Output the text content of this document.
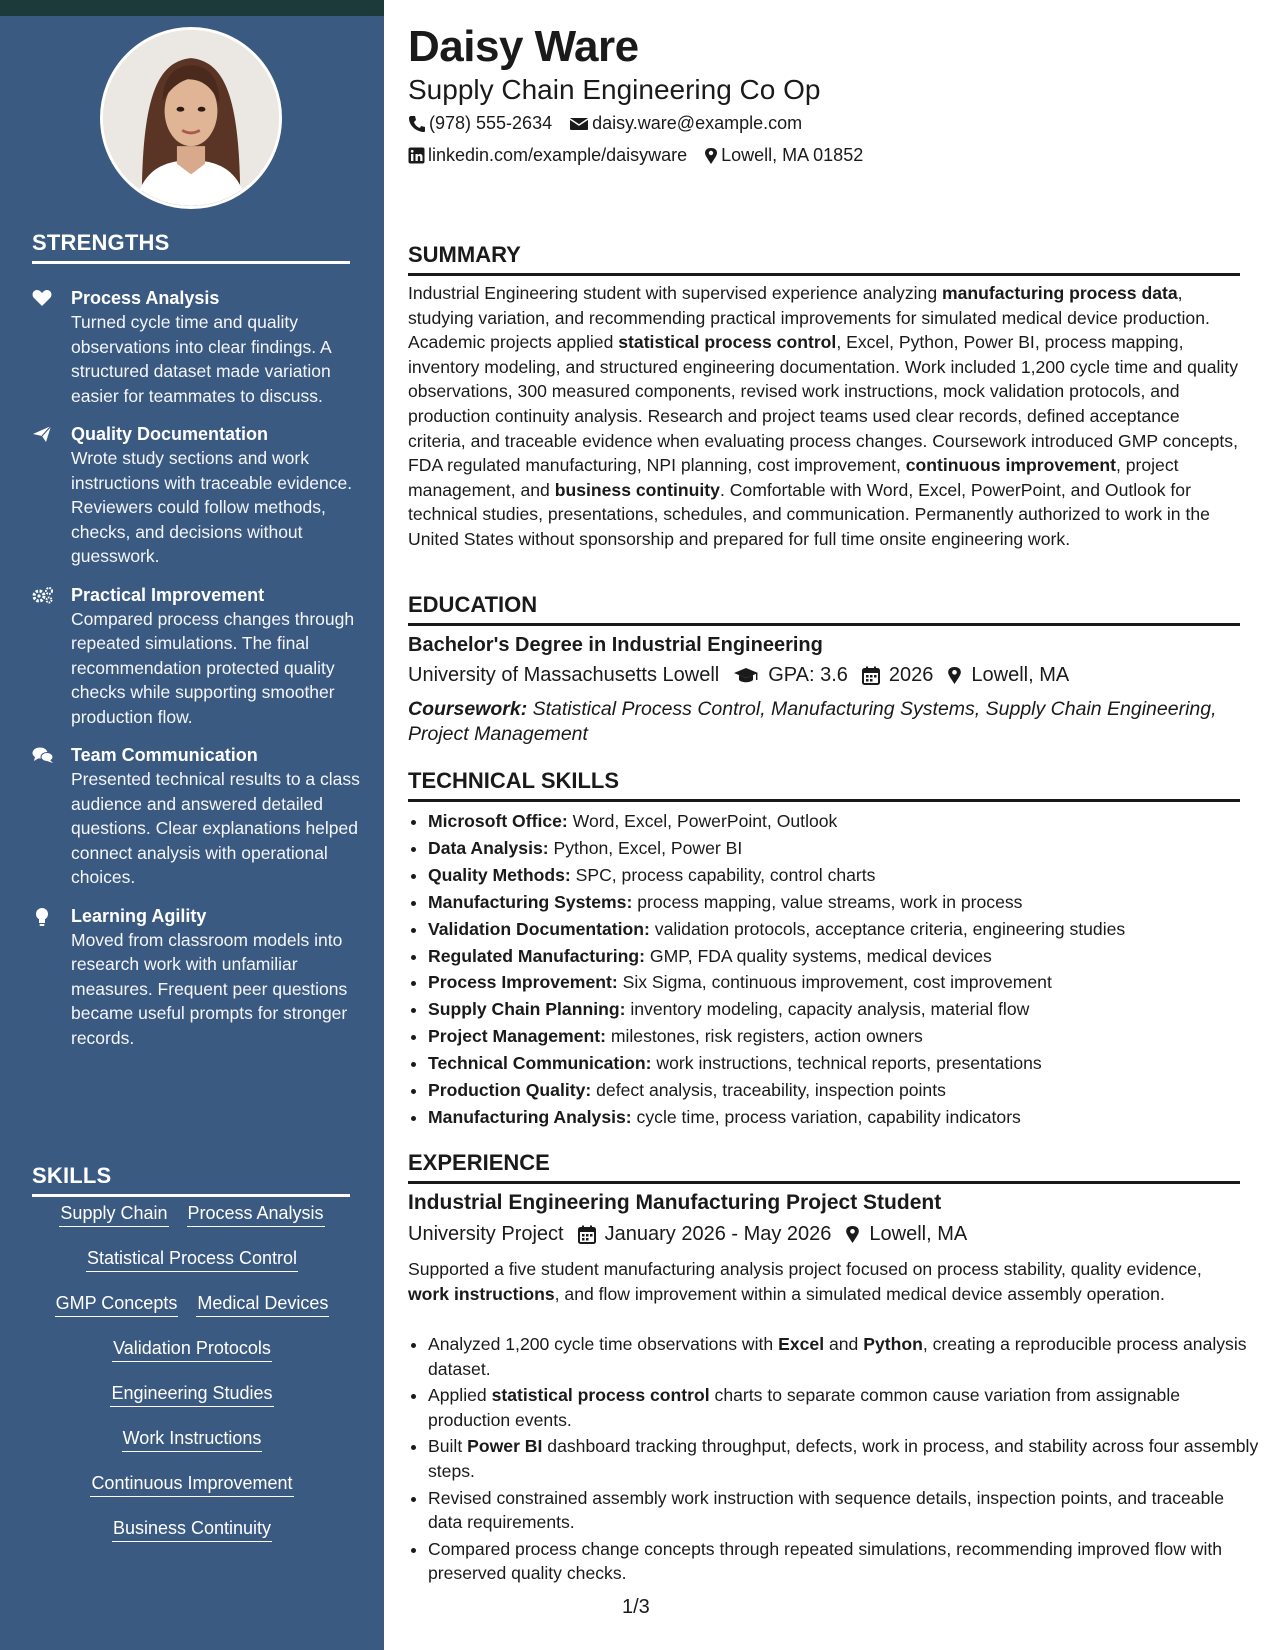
STRENGTHS
Process Analysis
Turned cycle time and quality observations into clear findings. A structured dataset made variation easier for teammates to discuss.
Quality Documentation
Wrote study sections and work instructions with traceable evidence. Reviewers could follow methods, checks, and decisions without guesswork.
Practical Improvement
Compared process changes through repeated simulations. The final recommendation protected quality checks while supporting smoother production flow.
Team Communication
Presented technical results to a class audience and answered detailed questions. Clear explanations helped connect analysis with operational choices.
Learning Agility
Moved from classroom models into research work with unfamiliar measures. Frequent peer questions became useful prompts for stronger records.
SKILLS
Supply Chain Process Analysis
Statistical Process Control
GMP Concepts Medical Devices
Validation Protocols
Engineering Studies
Work Instructions
Continuous Improvement
Business Continuity
Daisy Ware
Supply Chain Engineering Co Op
(978) 555-2634 daisy.ware@example.com
linkedin.com/example/daisyware Lowell, MA 01852
SUMMARY
Industrial Engineering student with supervised experience analyzing manufacturing process data, studying variation, and recommending practical improvements for simulated medical device production. Academic projects applied statistical process control, Excel, Python, Power BI, process mapping, inventory modeling, and structured engineering documentation. Work included 1,200 cycle time and quality observations, 300 measured components, revised work instructions, mock validation protocols, and production continuity analysis. Research and project teams used clear records, defined acceptance criteria, and traceable evidence when evaluating process changes. Coursework introduced GMP concepts, FDA regulated manufacturing, NPI planning, cost improvement, continuous improvement, project management, and business continuity. Comfortable with Word, Excel, PowerPoint, and Outlook for technical studies, presentations, schedules, and communication. Permanently authorized to work in the United States without sponsorship and prepared for full time onsite engineering work.
EDUCATION
Bachelor's Degree in Industrial Engineering
University of Massachusetts Lowell GPA: 3.6 2026 Lowell, MA
Coursework: Statistical Process Control, Manufacturing Systems, Supply Chain Engineering, Project Management
TECHNICAL SKILLS
• Microsoft Office: Word, Excel, PowerPoint, Outlook
• Data Analysis: Python, Excel, Power BI
• Quality Methods: SPC, process capability, control charts
• Manufacturing Systems: process mapping, value streams, work in process
• Validation Documentation: validation protocols, acceptance criteria, engineering studies
• Regulated Manufacturing: GMP, FDA quality systems, medical devices
• Process Improvement: Six Sigma, continuous improvement, cost improvement
• Supply Chain Planning: inventory modeling, capacity analysis, material flow
• Project Management: milestones, risk registers, action owners
• Technical Communication: work instructions, technical reports, presentations
• Production Quality: defect analysis, traceability, inspection points
• Manufacturing Analysis: cycle time, process variation, capability indicators
EXPERIENCE
Industrial Engineering Manufacturing Project Student
University Project January 2026 - May 2026 Lowell, MA
Supported a five student manufacturing analysis project focused on process stability, quality evidence, work instructions, and flow improvement within a simulated medical device assembly operation.
• Analyzed 1,200 cycle time observations with Excel and Python, creating a reproducible process analysis dataset.
• Applied statistical process control charts to separate common cause variation from assignable production events.
• Built Power BI dashboard tracking throughput, defects, work in process, and stability across four assembly steps.
• Revised constrained assembly work instruction with sequence details, inspection points, and traceable data requirements.
• Compared process change concepts through repeated simulations, recommending improved flow with preserved quality checks.
1/3
